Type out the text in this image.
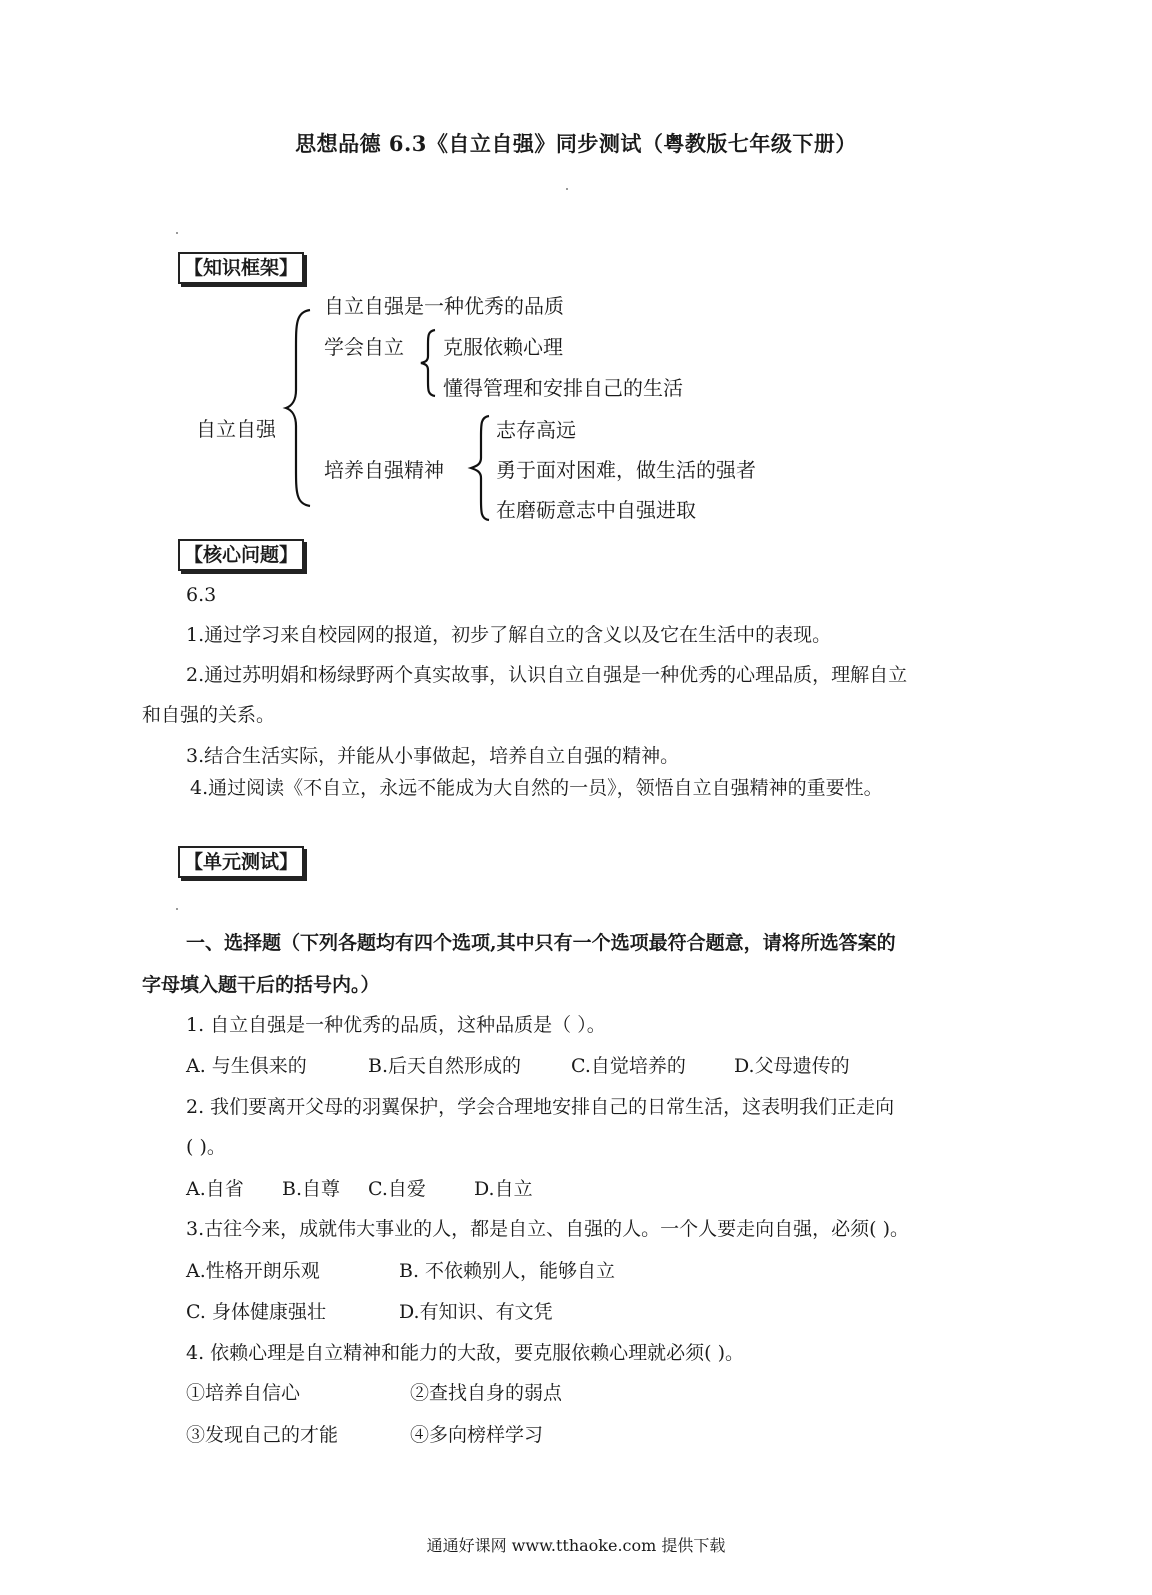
思想品德 6.3《自立自强》同步测试（粤教版七年级下册）
【知识框架】
自立自强
自立自强是一种优秀的品质
学会自立 克服依赖心理
懂得管理和安排自己的生活
培养自强精神
志存高远
勇于面对困难，做生活的强者
在磨砺意志中自强进取
【核心问题】
6.3
1.通过学习来自校园网的报道，初步了解自立的含义以及它在生活中的表现。
2.通过苏明娟和杨绿野两个真实故事，认识自立自强是一种优秀的心理品质，理解自立
和自强的关系。
3.结合生活实际，并能从小事做起，培养自立自强的精神。
4.通过阅读《不自立，永远不能成为大自然的一员》，领悟自立自强精神的重要性。
【单元测试】
一、选择题（下列各题均有四个选项,其中只有一个选项最符合题意，请将所选答案的
字母填入题干后的括号内。）
1. 自立自强是一种优秀的品质，这种品质是（ ）。
A. 与生俱来的	B.后天自然形成的	C.自觉培养的	D.父母遗传的
2. 我们要离开父母的羽翼保护，学会合理地安排自己的日常生活，这表明我们正走向
( )。
A.自省 B.自尊 C.自爱	D.自立
3.古往今来，成就伟大事业的人，都是自立、自强的人。一个人要走向自强，必须( )。
A.性格开朗乐观	B. 不依赖别人，能够自立
C. 身体健康强壮	D.有知识、有文凭
4. 依赖心理是自立精神和能力的大敌，要克服依赖心理就必须( )。
①培养自信心	②查找自身的弱点
③发现自己的才能	④多向榜样学习
通通好课网 www.tthaoke.com 提供下载
